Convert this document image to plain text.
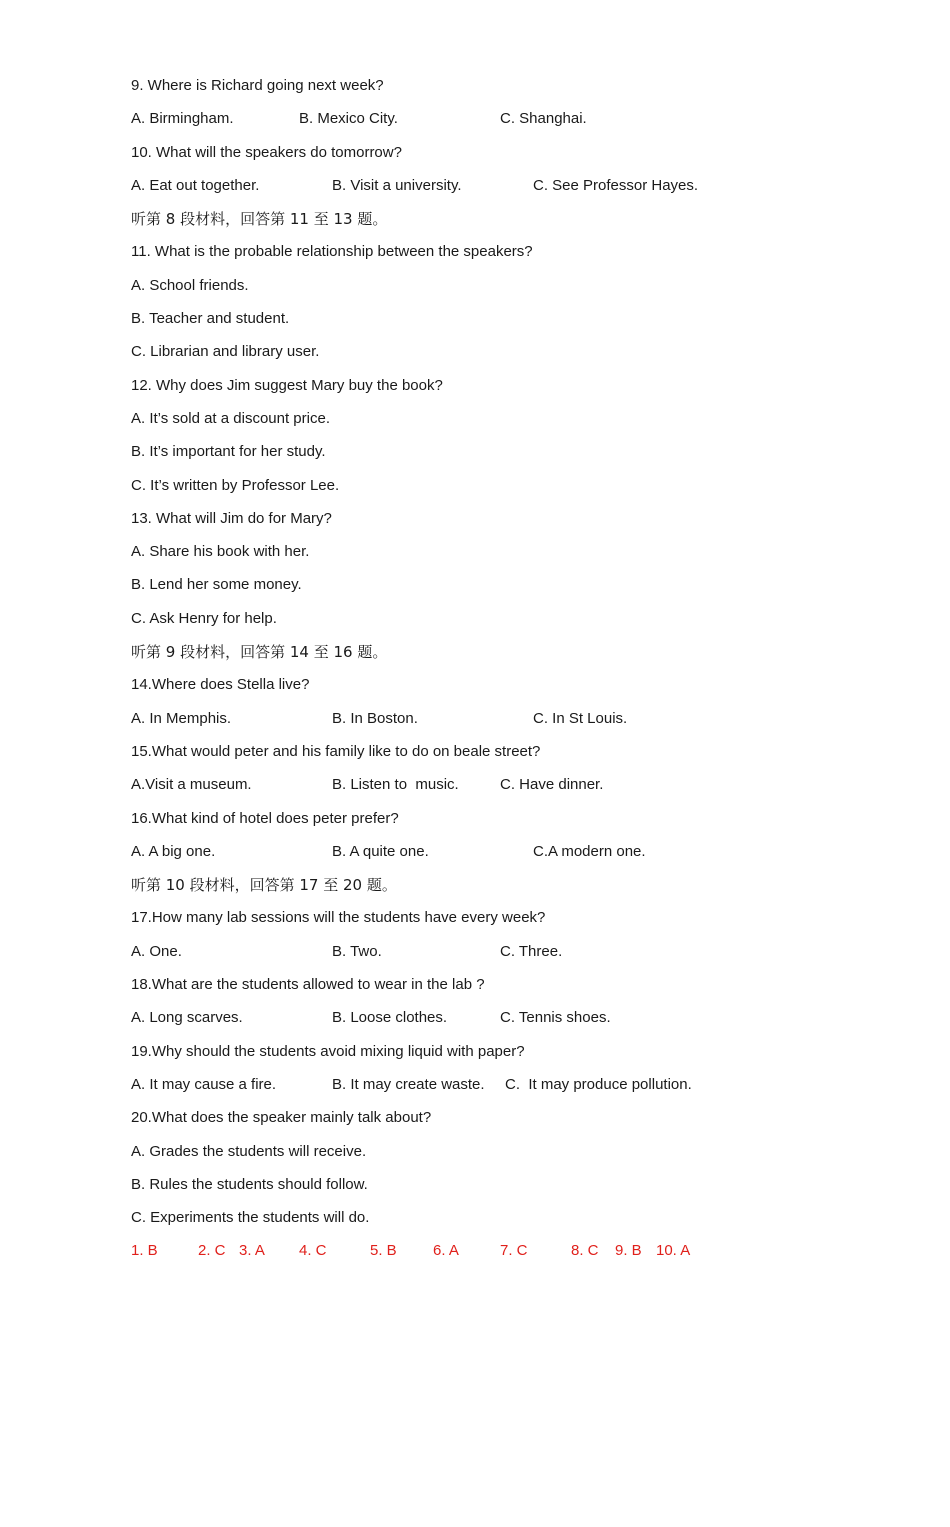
9. Where is Richard going next week?

A. Birmingham.

	B. Mexico City.

	C. Shanghai.

10. What will the speakers do tomorrow?

A. Eat out together.

	B. Visit a university.

	C. See Professor Hayes.

听第 8 段材料，回答第 11 至 13 题。
11. What is the probable relationship between the speakers?
A. School friends.
B. Teacher and student.
C. Librarian and library user.
12. Why does Jim suggest Mary buy the book?
A. It’s sold at a discount price.
B. It’s important for her study.
C. It’s written by Professor Lee.
13. What will Jim do for Mary?
A. Share his book with her.
B. Lend her some money.
C. Ask Henry for help.
听第 9 段材料，回答第 14 至 16 题。
14.Where does Stella live?

A. In Memphis.

	B. In Boston.

	C. In St Louis.

15.What would peter and his family like to do on beale street?

A.Visit a museum.

	B. Listen to  music.

	C. Have dinner.

16.What kind of hotel does peter prefer?

A. A big one.

	B. A quite one.

	C.A modern one.

听第 10 段材料，回答第 17 至 20 题。
17.How many lab sessions will the students have every week?

A. One.

	B. Two.

	C. Three.

18.What are the students allowed to wear in the lab ?

A. Long scarves.

	B. Loose clothes.

	C. Tennis shoes.

19.Why should the students avoid mixing liquid with paper?

A. It may cause a fire.

	B. It may create waste.

C.  It may produce pollution.

20.What does the speaker mainly talk about?
A. Grades the students will receive.
B. Rules the students should follow.
C. Experiments the students will do.

1. B

	2. C

3. A

4. C

	5. B

6. A

	7. C

	8. C

9. B

10. A
